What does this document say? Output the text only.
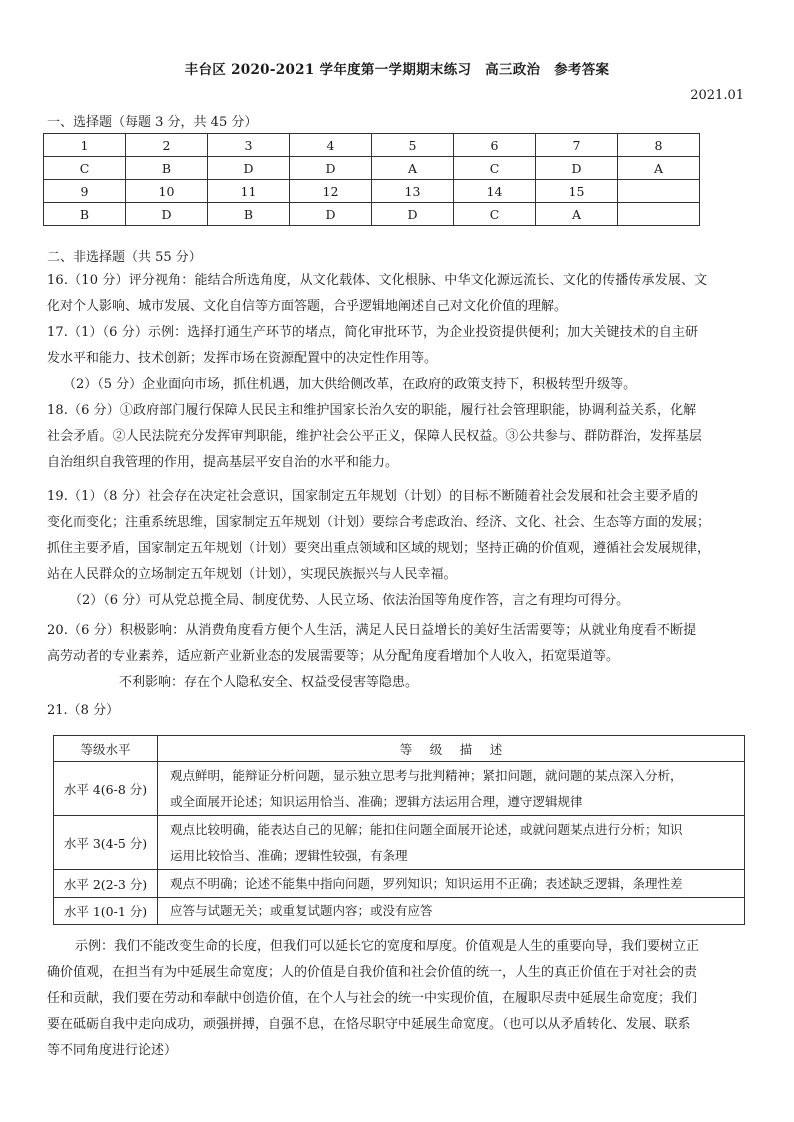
丰台区 2020-2021 学年度第一学期期末练习　高三政治　参考答案
2021.01
一、选择题（每题 3 分，共 45 分）
1	2	3	4	5	6	7	8
C	B	D	D	A	C	D	A
9	10	11	12	13	14	15	
B	D	B	D	D	C	A	
二、非选择题（共 55 分）
16.（10 分）评分视角：能结合所选角度，从文化载体、文化根脉、中华文化源远流长、文化的传播传承发展、文
化对个人影响、城市发展、文化自信等方面答题，合乎逻辑地阐述自己对文化价值的理解。
17.（1）（6 分）示例：选择打通生产环节的堵点，简化审批环节，为企业投资提供便利；加大关键技术的自主研
发水平和能力、技术创新；发挥市场在资源配置中的决定性作用等。
（2）（5 分）企业面向市场，抓住机遇，加大供给侧改革，在政府的政策支持下，积极转型升级等。
18.（6 分）①政府部门履行保障人民民主和维护国家长治久安的职能，履行社会管理职能，协调利益关系，化解
社会矛盾。②人民法院充分发挥审判职能，维护社会公平正义，保障人民权益。③公共参与、群防群治，发挥基层
自治组织自我管理的作用，提高基层平安自治的水平和能力。
19.（1）（8 分）社会存在决定社会意识，国家制定五年规划（计划）的目标不断随着社会发展和社会主要矛盾的
变化而变化；注重系统思维，国家制定五年规划（计划）要综合考虑政治、经济、文化、社会、生态等方面的发展；
抓住主要矛盾，国家制定五年规划（计划）要突出重点领域和区域的规划；坚持正确的价值观，遵循社会发展规律，
站在人民群众的立场制定五年规划（计划），实现民族振兴与人民幸福。
（2）（6 分）可从党总揽全局、制度优势、人民立场、依法治国等角度作答，言之有理均可得分。
20.（6 分）积极影响：从消费角度看方便个人生活，满足人民日益增长的美好生活需要等；从就业角度看不断提
高劳动者的专业素养，适应新产业新业态的发展需要等；从分配角度看增加个人收入，拓宽渠道等。
不利影响：存在个人隐私安全、权益受侵害等隐患。
21.（8 分）
等级水平	等 级 描 述
水平 4(6-8 分)	观点鲜明，能辩证分析问题，显示独立思考与批判精神；紧扣问题，就问题的某点深入分析，
或全面展开论述；知识运用恰当、准确；逻辑方法运用合理，遵守逻辑规律

水平 3(4-5 分)	观点比较明确，能表达自己的见解；能扣住问题全面展开论述，或就问题某点进行分析；知识
运用比较恰当、准确；逻辑性较强，有条理

水平 2(2-3 分)	观点不明确；论述不能集中指向问题，罗列知识；知识运用不正确；表述缺乏逻辑，条理性差

水平 1(0-1 分)	应答与试题无关；或重复试题内容；或没有应答
示例：我们不能改变生命的长度，但我们可以延长它的宽度和厚度。价值观是人生的重要向导，我们要树立正
确价值观，在担当有为中延展生命宽度；人的价值是自我价值和社会价值的统一，人生的真正价值在于对社会的责
任和贡献，我们要在劳动和奉献中创造价值，在个人与社会的统一中实现价值，在履职尽责中延展生命宽度；我们
要在砥砺自我中走向成功，顽强拼搏，自强不息，在恪尽职守中延展生命宽度。（也可以从矛盾转化、发展、联系
等不同角度进行论述）
